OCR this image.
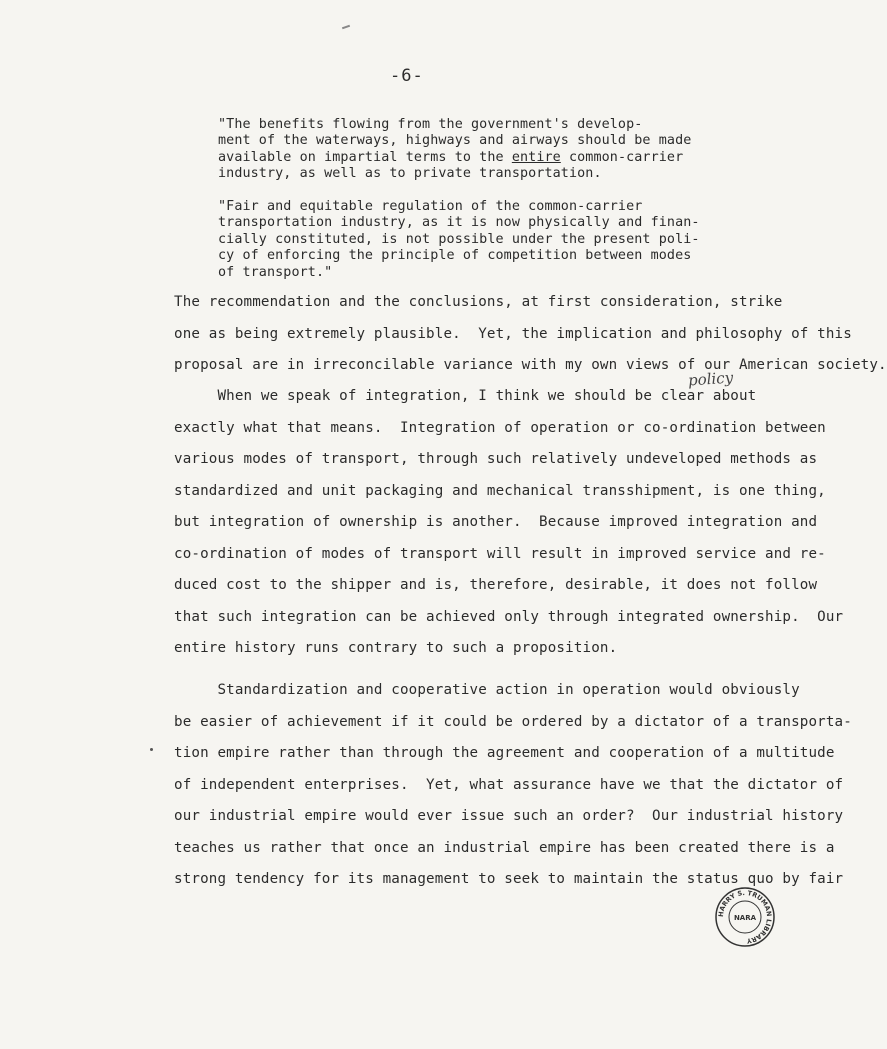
-6-

"The benefits flowing from the government's develop-

ment of the waterways, highways and airways should be made

available on impartial terms to the entire common-carrier

industry, as well as to private transportation.

"Fair and equitable regulation of the common-carrier

transportation industry, as it is now physically and finan-

cially constituted, is not possible under the present poli-

cy of enforcing the principle of competition between modes

of transport."

The recommendation and the conclusions, at first consideration, strike
one as being extremely plausible.  Yet, the implication and philosophy of this
proposal are in irreconcilable variance with my own views of our American society.
policy
When we speak of integration, I think we should be clear about
exactly what that means.  Integration of operation or co-ordination between
various modes of transport, through such relatively undeveloped methods as
standardized and unit packaging and mechanical transshipment, is one thing,
but integration of ownership is another.  Because improved integration and
co-ordination of modes of transport will result in improved service and re-
duced cost to the shipper and is, therefore, desirable, it does not follow
that such integration can be achieved only through integrated ownership.  Our
entire history runs contrary to such a proposition.
Standardization and cooperative action in operation would obviously
be easier of achievement if it could be ordered by a dictator of a transporta-
tion empire rather than through the agreement and cooperation of a multitude
of independent enterprises.  Yet, what assurance have we that the dictator of
our industrial empire would ever issue such an order?  Our industrial history
teaches us rather that once an industrial empire has been created there is a
strong tendency for its management to seek to maintain the status quo by fair
HARRY S. TRUMAN LIBRARY
NARA
